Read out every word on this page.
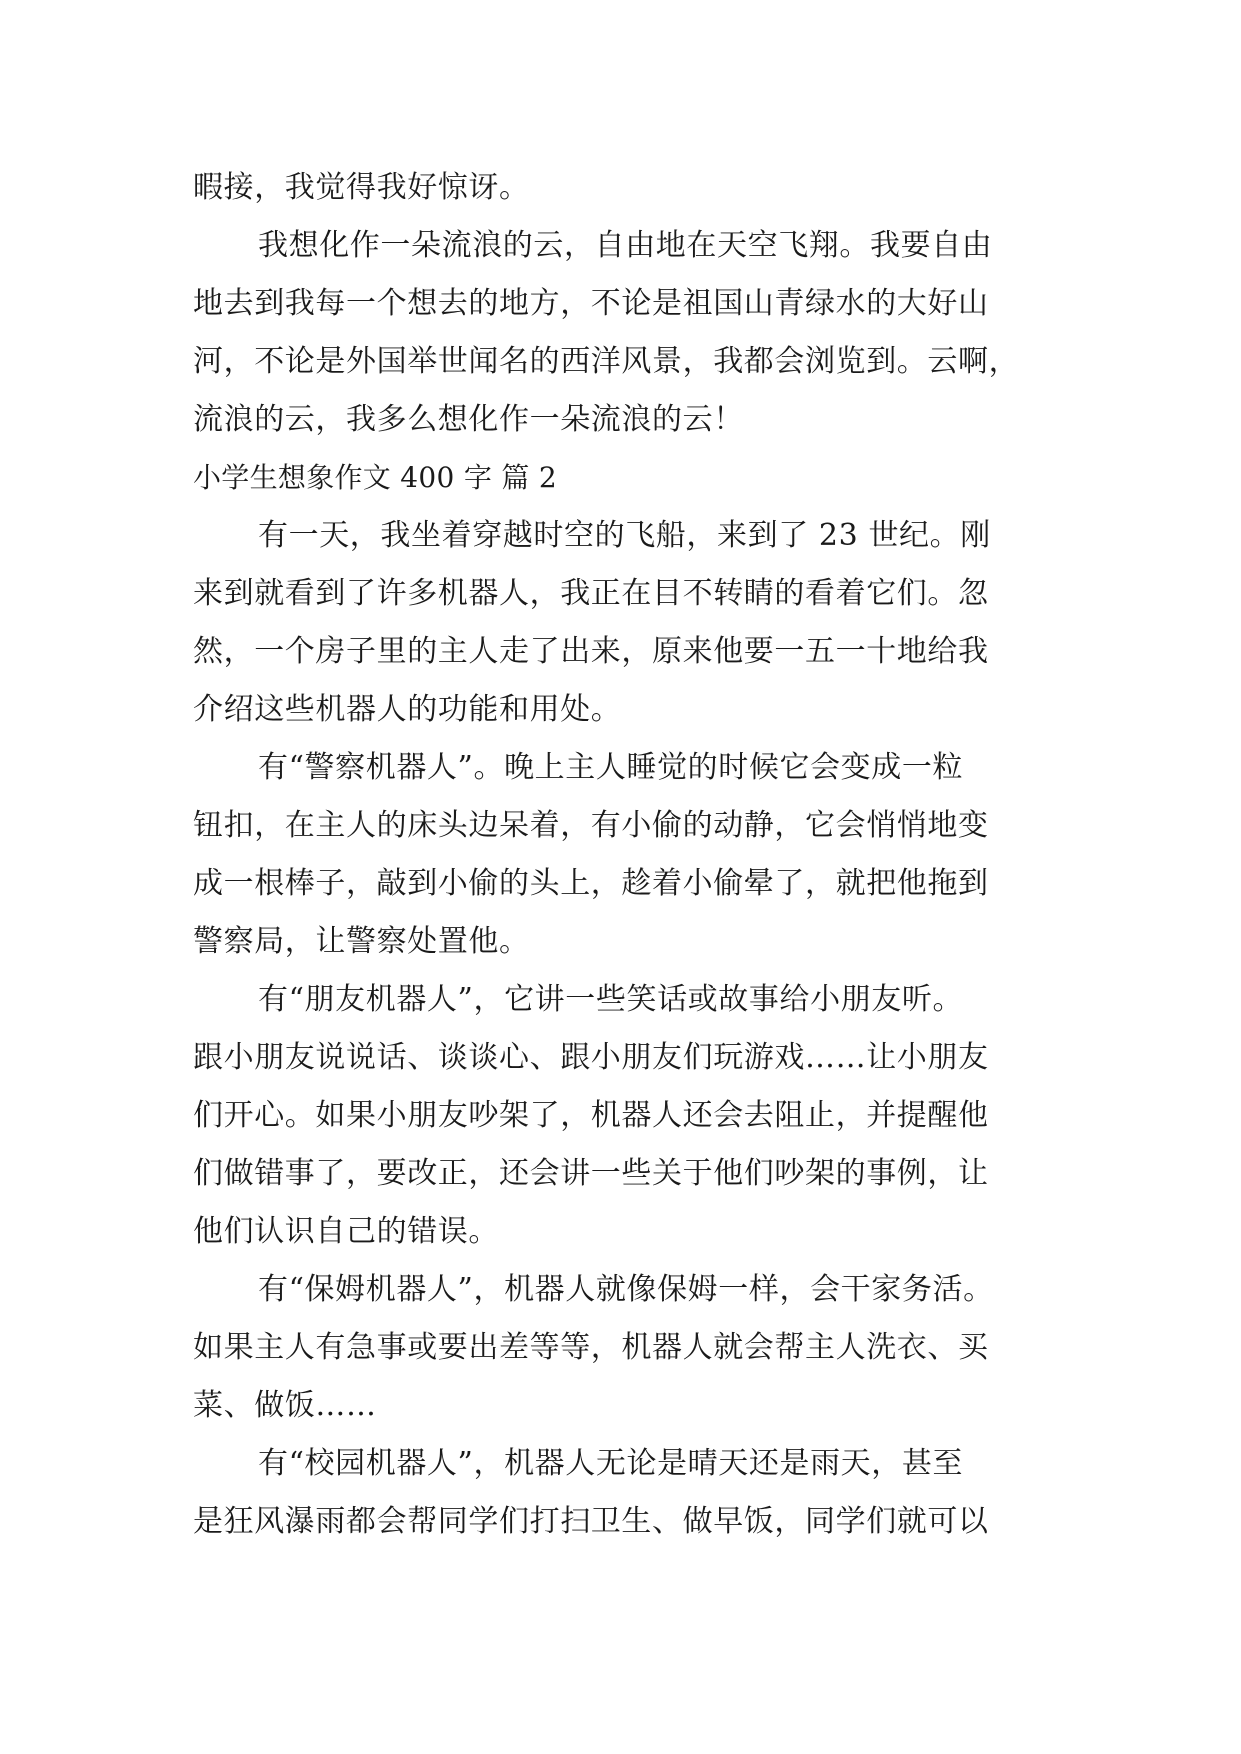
暇接，我觉得我好惊讶。
我想化作一朵流浪的云，自由地在天空飞翔。我要自由
地去到我每一个想去的地方，不论是祖国山青绿水的大好山
河，不论是外国举世闻名的西洋风景，我都会浏览到。云啊，
流浪的云，我多么想化作一朵流浪的云！
小学生想象作文 400 字 篇 2
有一天，我坐着穿越时空的飞船，来到了 23 世纪。刚
来到就看到了许多机器人，我正在目不转睛的看着它们。忽
然，一个房子里的主人走了出来，原来他要一五一十地给我
介绍这些机器人的功能和用处。
有“警察机器人”。晚上主人睡觉的时候它会变成一粒
钮扣，在主人的床头边呆着，有小偷的动静，它会悄悄地变
成一根棒子，敲到小偷的头上，趁着小偷晕了，就把他拖到
警察局，让警察处置他。
有“朋友机器人”，它讲一些笑话或故事给小朋友听。
跟小朋友说说话、谈谈心、跟小朋友们玩游戏……让小朋友
们开心。如果小朋友吵架了，机器人还会去阻止，并提醒他
们做错事了，要改正，还会讲一些关于他们吵架的事例，让
他们认识自己的错误。
有“保姆机器人”，机器人就像保姆一样，会干家务活。
如果主人有急事或要出差等等，机器人就会帮主人洗衣、买
菜、做饭……
有“校园机器人”，机器人无论是晴天还是雨天，甚至
是狂风瀑雨都会帮同学们打扫卫生、做早饭，同学们就可以
